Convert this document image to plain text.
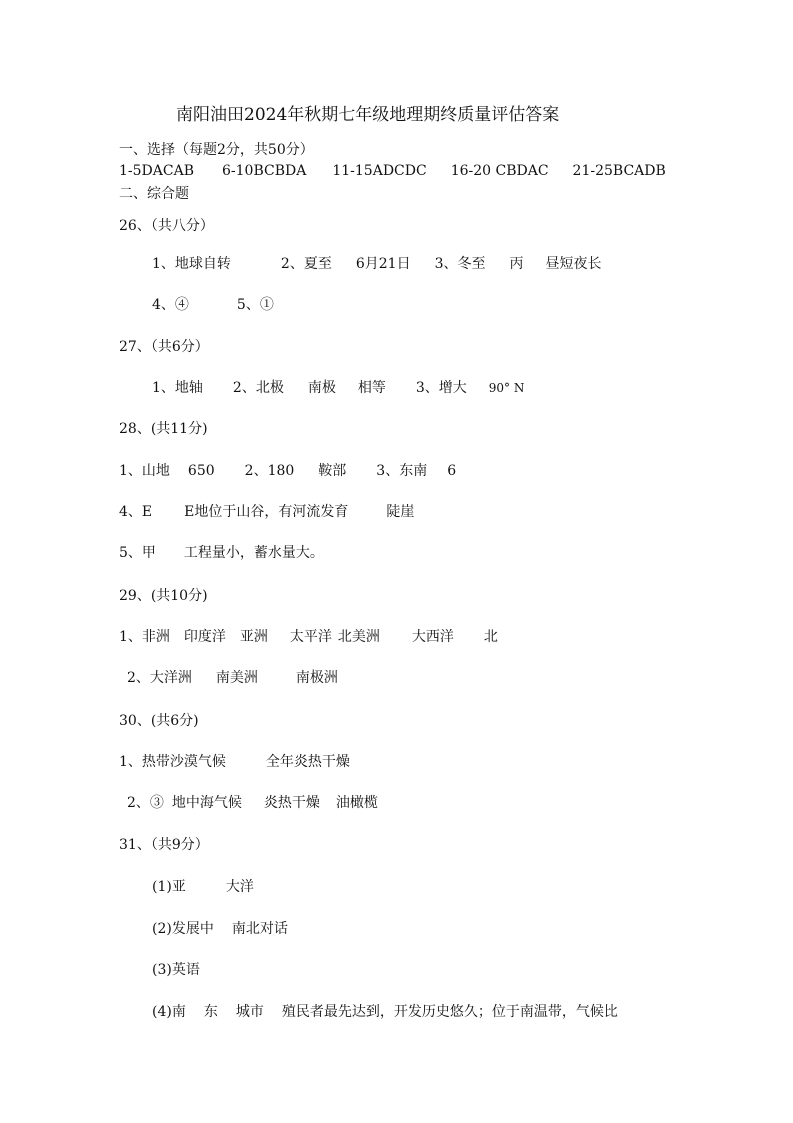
南阳油田2024年秋期七年级地理期终质量评估答案
一、选择（每题2分，共50分）
1-5DACAB 6-10BCBDA 11-15ADCDC 16-20 CBDAC 21-25BCADB
二、综合题
26、（共八分）
1、地球自转	2、夏至 6月21日 3、冬至 丙 昼短夜长
4、④	5、①
27、（共6分）
1、地轴 2、北极 南极 相等 3、增大 90° N
28、(共11分)
1、山地 650 2、180 鞍部 3、东南 6
4、E E地位于山谷，有河流发育	陡崖
5、甲 工程量小，蓄水量大。
29、(共10分)
1、非洲 印度洋 亚洲 太平洋 北美洲 大西洋 北
2、大洋洲 南美洲	南极洲
30、(共6分)
1、热带沙漠气候	全年炎热干燥
2、③ 地中海气候 炎热干燥 油橄榄
31、（共9分）
(1)亚	大洋
(2)发展中 南北对话
(3)英语
(4)南 东 城市 殖民者最先达到，开发历史悠久；位于南温带，气候比
